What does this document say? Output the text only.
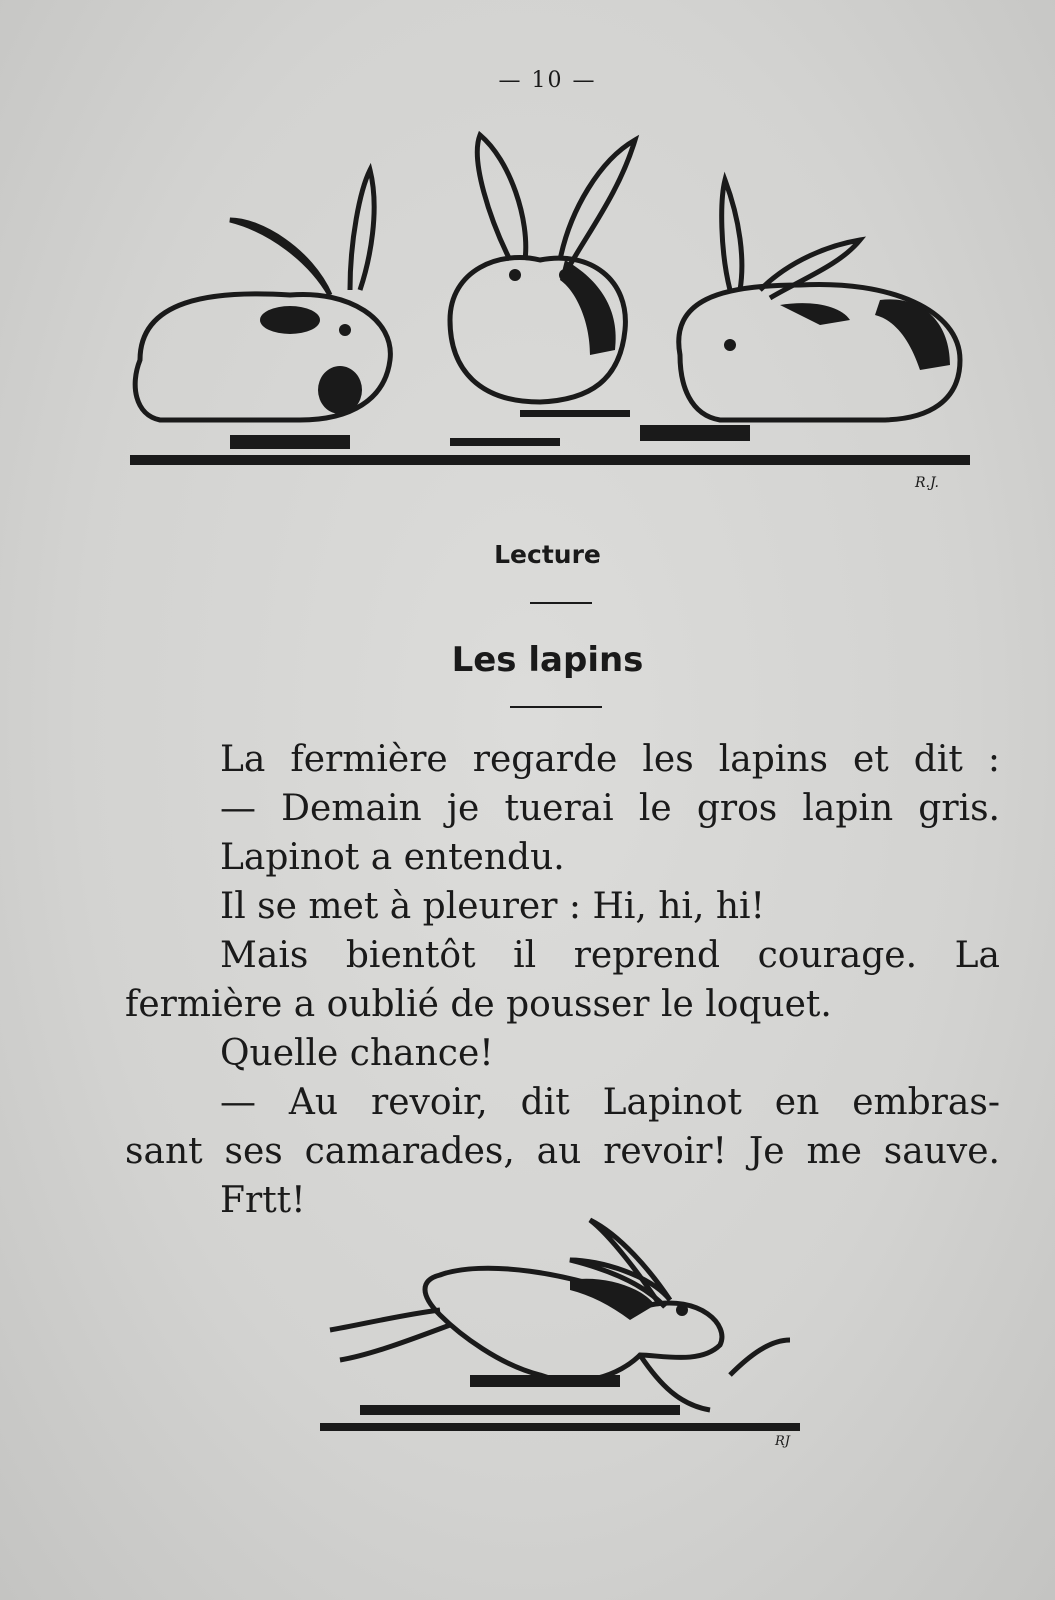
— 10 —
R.J.
Lecture
Les lapins
La fermière regarde les lapins et dit :
— Demain je tuerai le gros lapin gris.
Lapinot a entendu.
Il se met à pleurer : Hi, hi, hi!
Mais bientôt il reprend courage. La
fermière a oublié de pousser le loquet.
Quelle chance!
— Au revoir, dit Lapinot en embras-
sant ses camarades, au revoir! Je me sauve.
Frtt!
RJ
